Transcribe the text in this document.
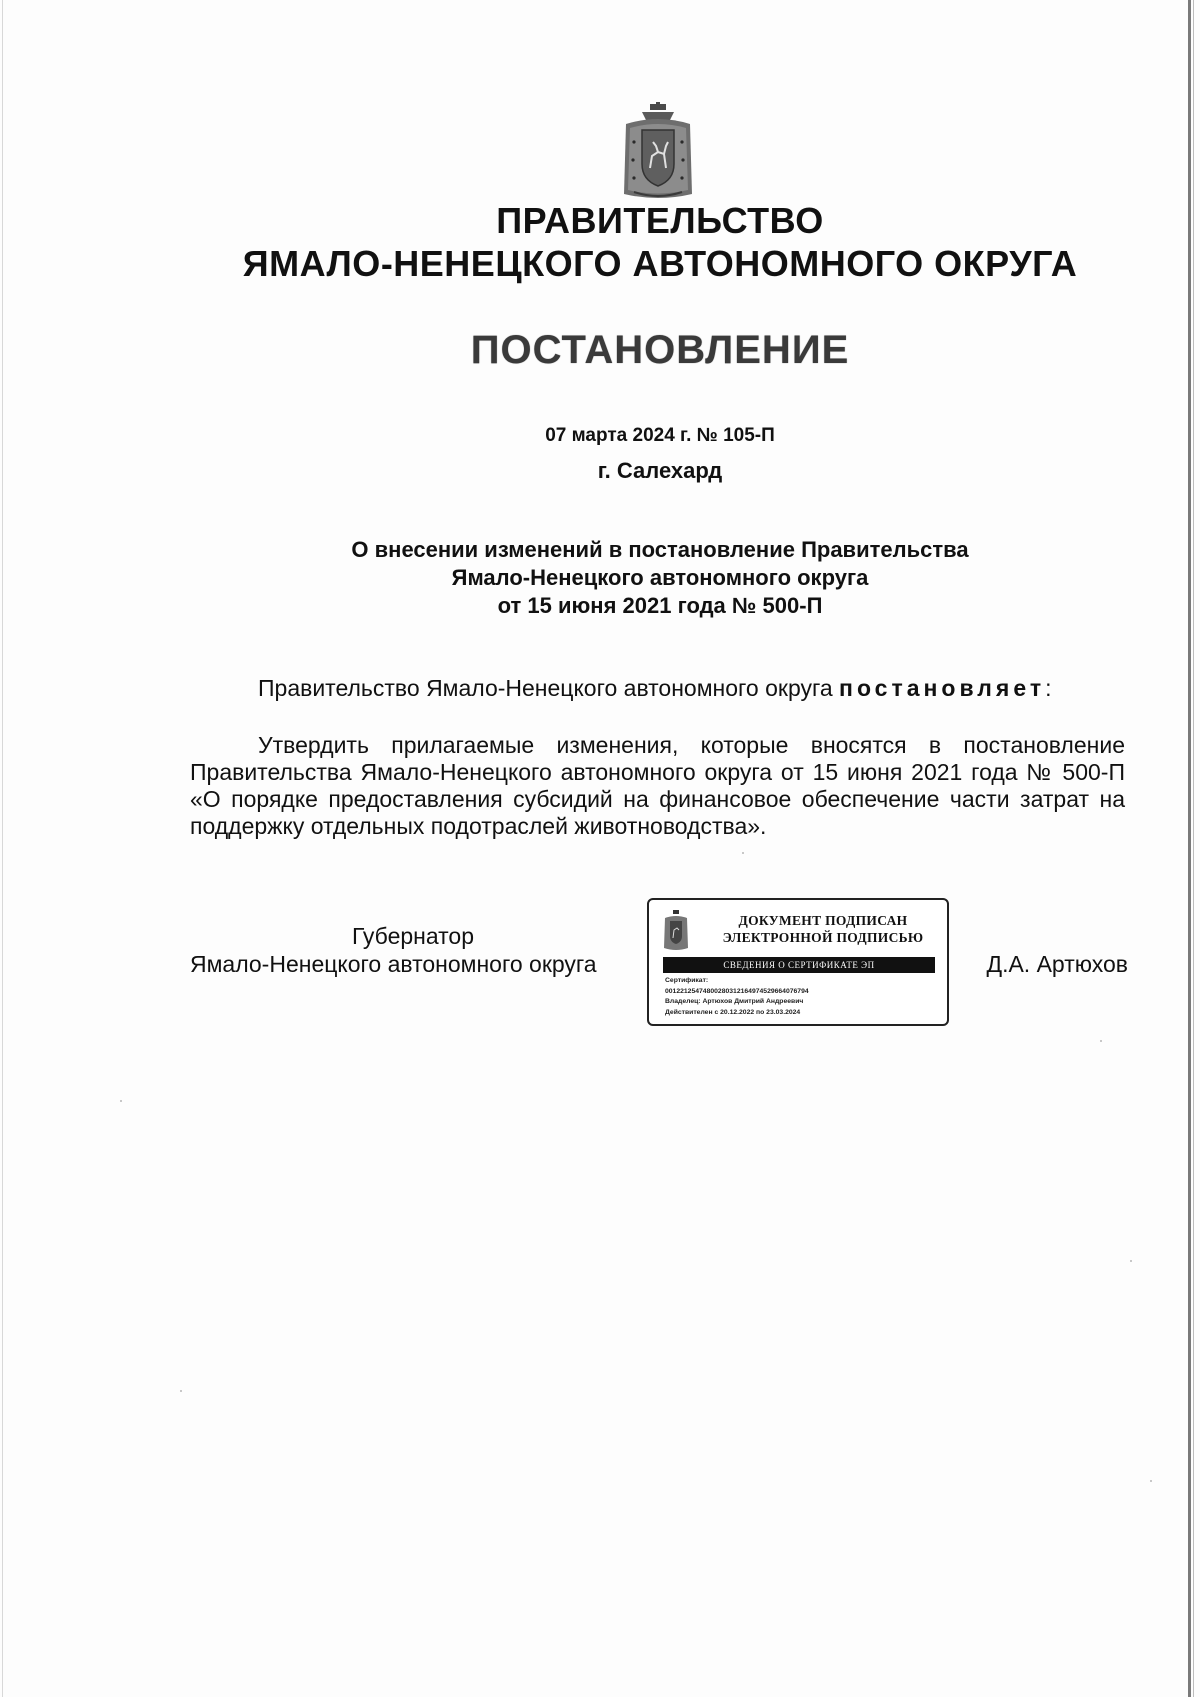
ПРАВИТЕЛЬСТВО
ЯМАЛО-НЕНЕЦКОГО АВТОНОМНОГО ОКРУГА
ПОСТАНОВЛЕНИЕ
07 марта 2024 г. № 105-П
г. Салехард
О внесении изменений в постановление Правительства
Ямало-Ненецкого автономного округа
от 15 июня 2021 года № 500-П
Правительство Ямало-Ненецкого автономного округа постановляет:
Утвердить прилагаемые изменения, которые вносятся в постановление Правительства Ямало-Ненецкого автономного округа от 15 июня 2021 года № 500-П «О порядке предоставления субсидий на финансовое обеспечение части затрат на поддержку отдельных подотраслей животноводства».
Губернатор
Ямало-Ненецкого автономного округа
ДОКУМЕНТ ПОДПИСАН
ЭЛЕКТРОННОЙ ПОДПИСЬЮ
СВЕДЕНИЯ О СЕРТИФИКАТЕ ЭП
Сертификат:
00122125474800280312164974529664076794
Владелец: Артюхов Дмитрий Андреевич
Действителен с 20.12.2022 по 23.03.2024
Д.А. Артюхов
